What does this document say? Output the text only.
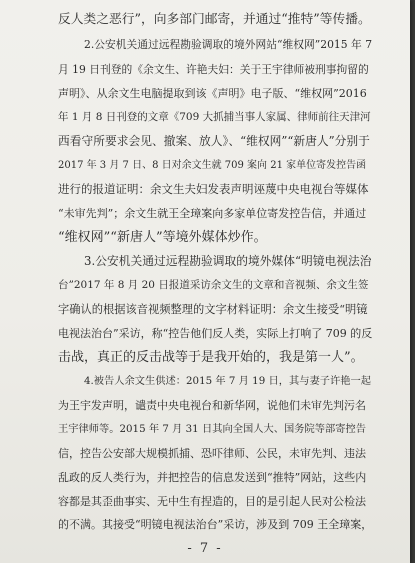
反人类之恶行”，向多部门邮寄，并通过“推特”等传播。
2.公安机关通过远程勘验调取的境外网站“维权网”2015 年 7
月 19 日刊登的《余文生、许艳夫妇：关于王宇律师被刑事拘留的
声明》、从余文生电脑提取到该《声明》电子版、“维权网”2016
年 1 月 8 日刊登的文章《709 大抓捕当事人家属、律师前往天津河
西看守所要求会见、撤案、放人》、“维权网”“新唐人”分别于
2017 年 3 月 7 日、8 日对余文生就 709 案向 21 家单位寄发控告函
进行的报道证明：余文生夫妇发表声明诬蔑中央电视台等媒体
“未审先判”；余文生就王全璋案向多家单位寄发控告信，并通过
“维权网”“新唐人”等境外媒体炒作。
3.公安机关通过远程勘验调取的境外媒体“明镜电视法治
台”2017 年 8 月 20 日报道采访余文生的文章和音视频、余文生签
字确认的根据该音视频整理的文字材料证明：余文生接受“明镜
电视法治台”采访，称“控告他们反人类，实际上打响了 709 的反
击战，真正的反击战等于是我开始的，我是第一人”。
4.被告人余文生供述：2015 年 7 月 19 日，其与妻子许艳一起
为王宇发声明，谴责中央电视台和新华网，说他们未审先判污名
王宇律师等。2015 年 7 月 31 日其向全国人大、国务院等部寄控告
信，控告公安部大规模抓捕、恐吓律师、公民，未审先判、违法
乱政的反人类行为，并把控告的信息发送到“推特”网站，这些内
容都是其歪曲事实、无中生有捏造的，目的是引起人民对公检法
的不满。其接受“明镜电视法治台”采访，涉及到 709 王全璋案，
- 7 -
